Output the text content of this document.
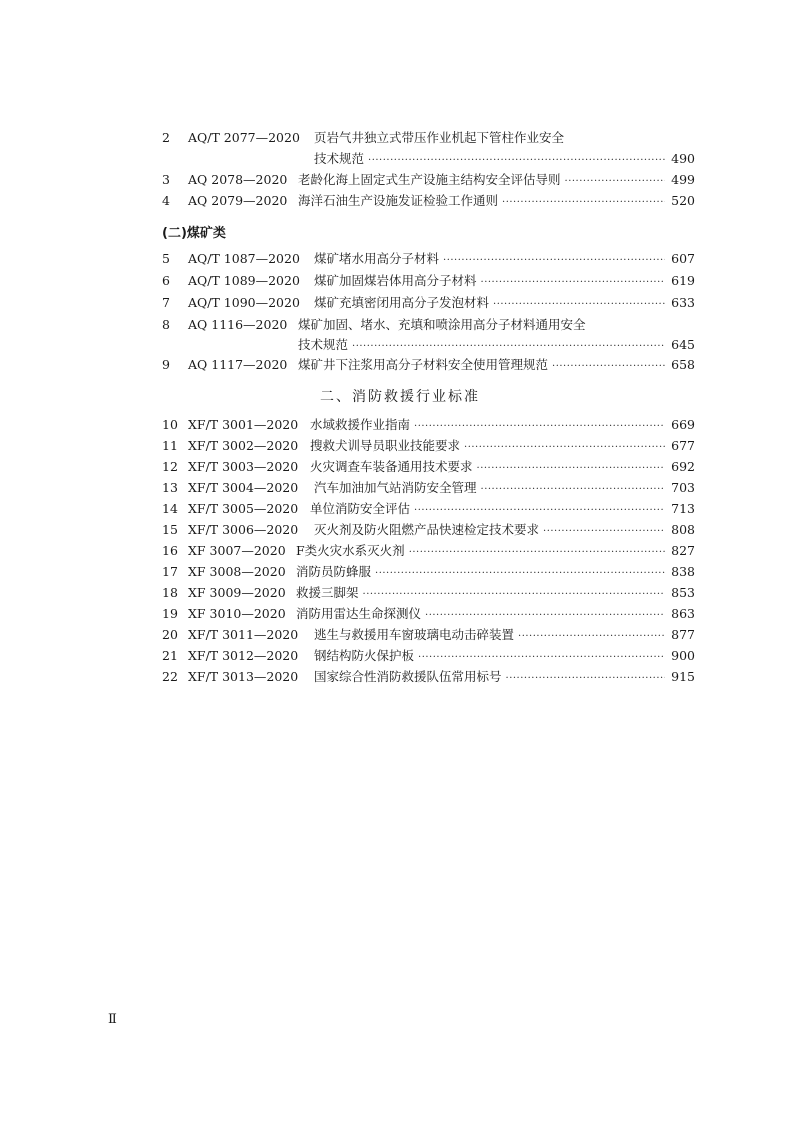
2	AQ/T 2077—2020 页岩气井独立式带压作业机起下管柱作业安全
技术规范 ·····	490
3	AQ 2078—2020 老龄化海上固定式生产设施主结构安全评估导则 ·····	499
4	AQ 2079—2020 海洋石油生产设施发证检验工作通则 ·····	520
(二)煤矿类
5	AQ/T 1087—2020 煤矿堵水用高分子材料 ·····	607
6	AQ/T 1089—2020 煤矿加固煤岩体用高分子材料 ·····	619
7	AQ/T 1090—2020 煤矿充填密闭用高分子发泡材料 ·····	633
8	AQ 1116—2020 煤矿加固、堵水、充填和喷涂用高分子材料通用安全
技术规范 ·····	645
9	AQ 1117—2020 煤矿井下注浆用高分子材料安全使用管理规范 ·····	658
二、消防救援行业标准
10 XF/T 3001—2020 水域救援作业指南 ·····	669
11 XF/T 3002—2020 搜救犬训导员职业技能要求 ·····	677
12 XF/T 3003—2020 火灾调查车装备通用技术要求 ·····	692
13 XF/T 3004—2020 汽车加油加气站消防安全管理 ·····	703
14 XF/T 3005—2020 单位消防安全评估 ·····	713
15 XF/T 3006—2020 灭火剂及防火阻燃产品快速检定技术要求 ·····	808
16 XF 3007—2020 F类火灾水系灭火剂 ·····	827
17 XF 3008—2020 消防员防蜂服 ·····	838
18 XF 3009—2020 救援三脚架 ·····	853
19 XF 3010—2020 消防用雷达生命探测仪 ·····	863
20 XF/T 3011—2020 逃生与救援用车窗玻璃电动击碎装置 ·····	877
21 XF/T 3012—2020 钢结构防火保护板 ·····	900
22 XF/T 3013—2020 国家综合性消防救援队伍常用标号 ·····	915
Ⅱ
